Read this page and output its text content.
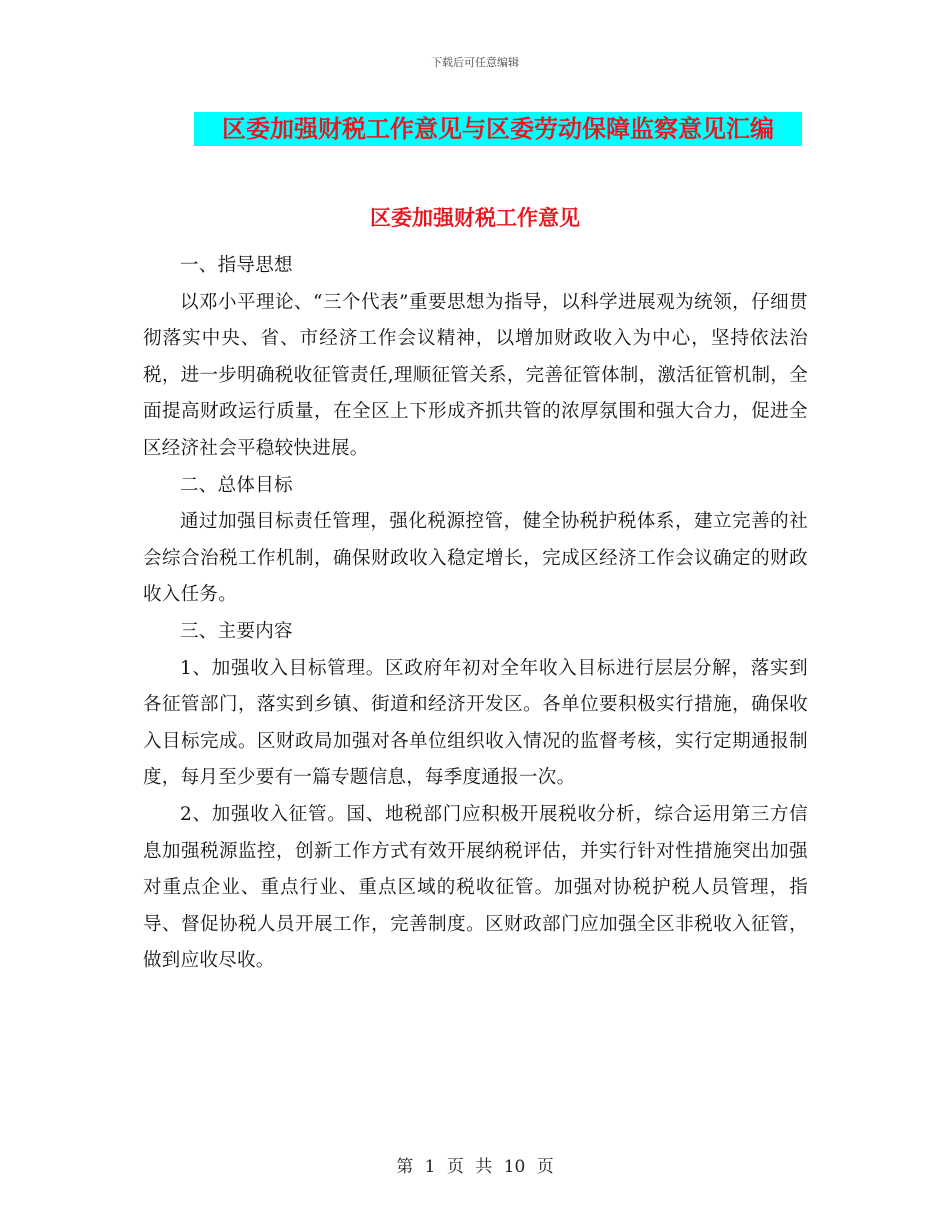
下载后可任意编辑
区委加强财税工作意见与区委劳动保障监察意见汇编
区委加强财税工作意见

一、指导思想

以邓小平理论、“三个代表”重要思想为指导，以科学进展观为统领，仔细贯彻落实中央、省、市经济工作会议精神，以增加财政收入为中心，坚持依法治税，进一步明确税收征管责任,理顺征管关系，完善征管体制，激活征管机制，全面提高财政运行质量，在全区上下形成齐抓共管的浓厚氛围和强大合力，促进全区经济社会平稳较快进展。

二、总体目标

通过加强目标责任管理，强化税源控管，健全协税护税体系，建立完善的社会综合治税工作机制，确保财政收入稳定增长，完成区经济工作会议确定的财政收入任务。

三、主要内容

1、加强收入目标管理。区政府年初对全年收入目标进行层层分解，落实到各征管部门，落实到乡镇、街道和经济开发区。各单位要积极实行措施，确保收入目标完成。区财政局加强对各单位组织收入情况的监督考核，实行定期通报制度，每月至少要有一篇专题信息，每季度通报一次。

2、加强收入征管。国、地税部门应积极开展税收分析，综合运用第三方信息加强税源监控，创新工作方式有效开展纳税评估，并实行针对性措施突出加强对重点企业、重点行业、重点区域的税收征管。加强对协税护税人员管理，指导、督促协税人员开展工作，完善制度。区财政部门应加强全区非税收入征管，做到应收尽收。

第 1 页 共 10 页
